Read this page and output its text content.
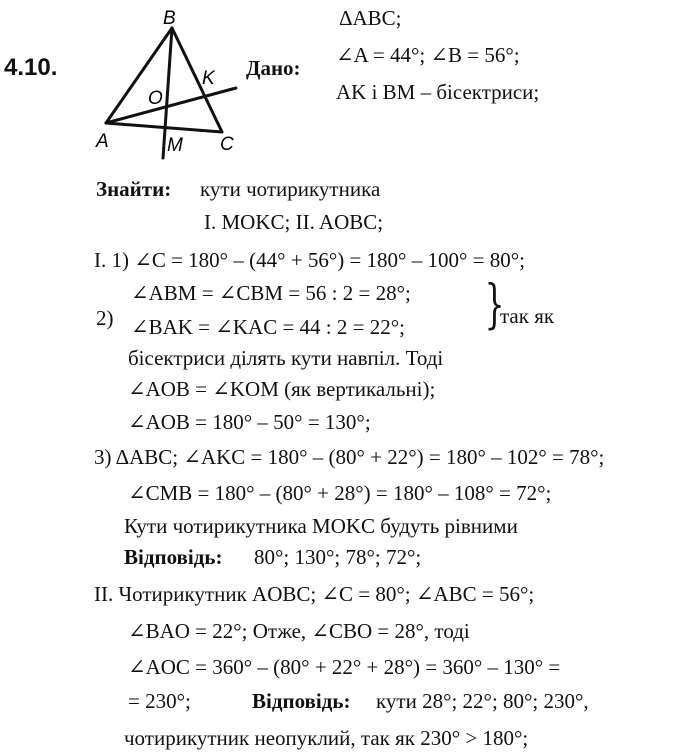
B
O
K
A	M C
4.10.
ΔABC;
Дано:
∠A = 44°; ∠B = 56°;
AK і BM – бісектриси;
Знайти: кути чотирикутника
I. MOKC; II. AOBC;
I. 1) ∠C = 180° – (44° + 56°) = 180° – 100° = 80°;
∠ABM = ∠CBM = 56 : 2 = 28°;
2) ∠BAK = ∠KAC = 44 : 2 = 22°; }
так як
бісектриси ділять кути навпіл. Тоді
∠AOB = ∠KOM (як вертикальні);
∠AOB = 180° – 50° = 130°;
3) ΔABC; ∠AKC = 180° – (80° + 22°) = 180° – 102° = 78°;
∠CMB = 180° – (80° + 28°) = 180° – 108° = 72°;
Кути чотирикутника MOKC будуть рівними
Відповідь: 80°; 130°; 78°; 72°;
II. Чотирикутник AOBC; ∠C = 80°; ∠ABC = 56°;
∠BAO = 22°; Отже, ∠CBO = 28°, тоді
∠AOC = 360° – (80° + 22° + 28°) = 360° – 130° =
= 230°;	Відповідь: кути 28°; 22°; 80°; 230°,
чотирикутник неопуклий, так як 230° > 180°;
